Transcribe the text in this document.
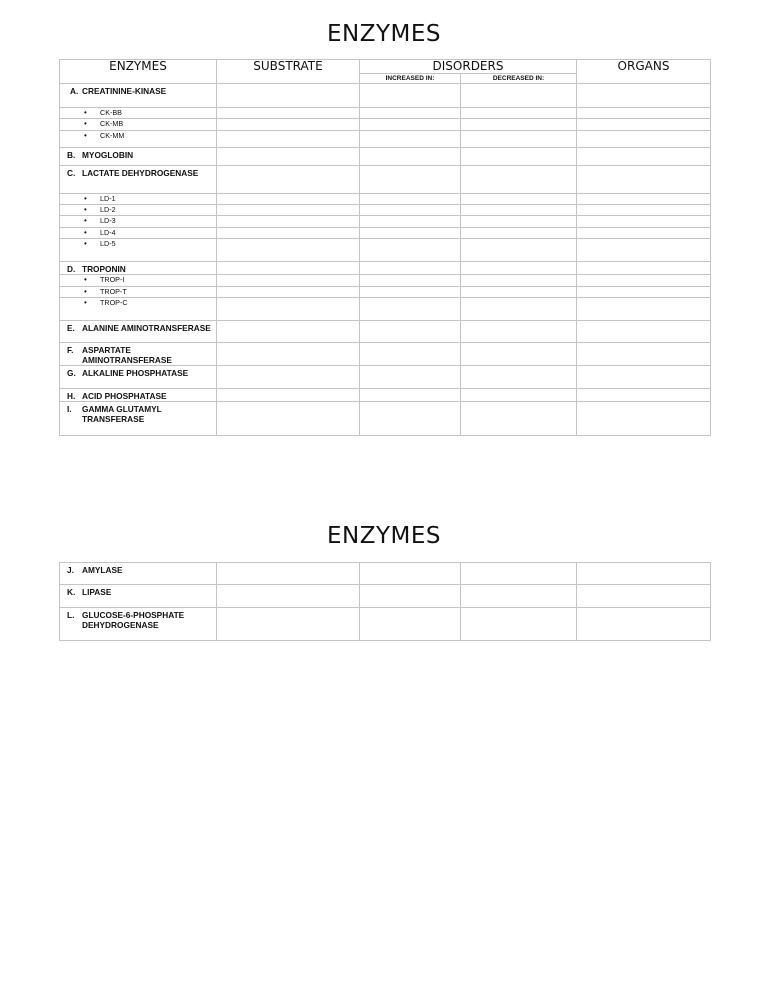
ENZYMES
ENZYMES	SUBSTRATE	DISORDERS		ORGANS
		INCREASED IN:	DECREASED IN:	

A. CREATININE-KINASE				

• CK-BB				

• CK-MB				

• CK-MM				

B. MYOGLOBIN				

C. LACTATE DEHYDROGENASE				

• LD-1				

• LD-2				

• LD-3				

• LD-4				

• LD-5				

D. TROPONIN				

• TROP-I				

• TROP-T				

• TROP-C				

E. ALANINE AMINOTRANSFERASE				

F. ASPARTATE AMINOTRANSFERASE				

G. ALKALINE PHOSPHATASE				

H. ACID PHOSPHATASE				

I. GAMMA GLUTAMYL TRANSFERASE				

ENZYMES
J. AMYLASE				

K. LIPASE				

L. GLUCOSE-6-PHOSPHATE DEHYDROGENASE				
